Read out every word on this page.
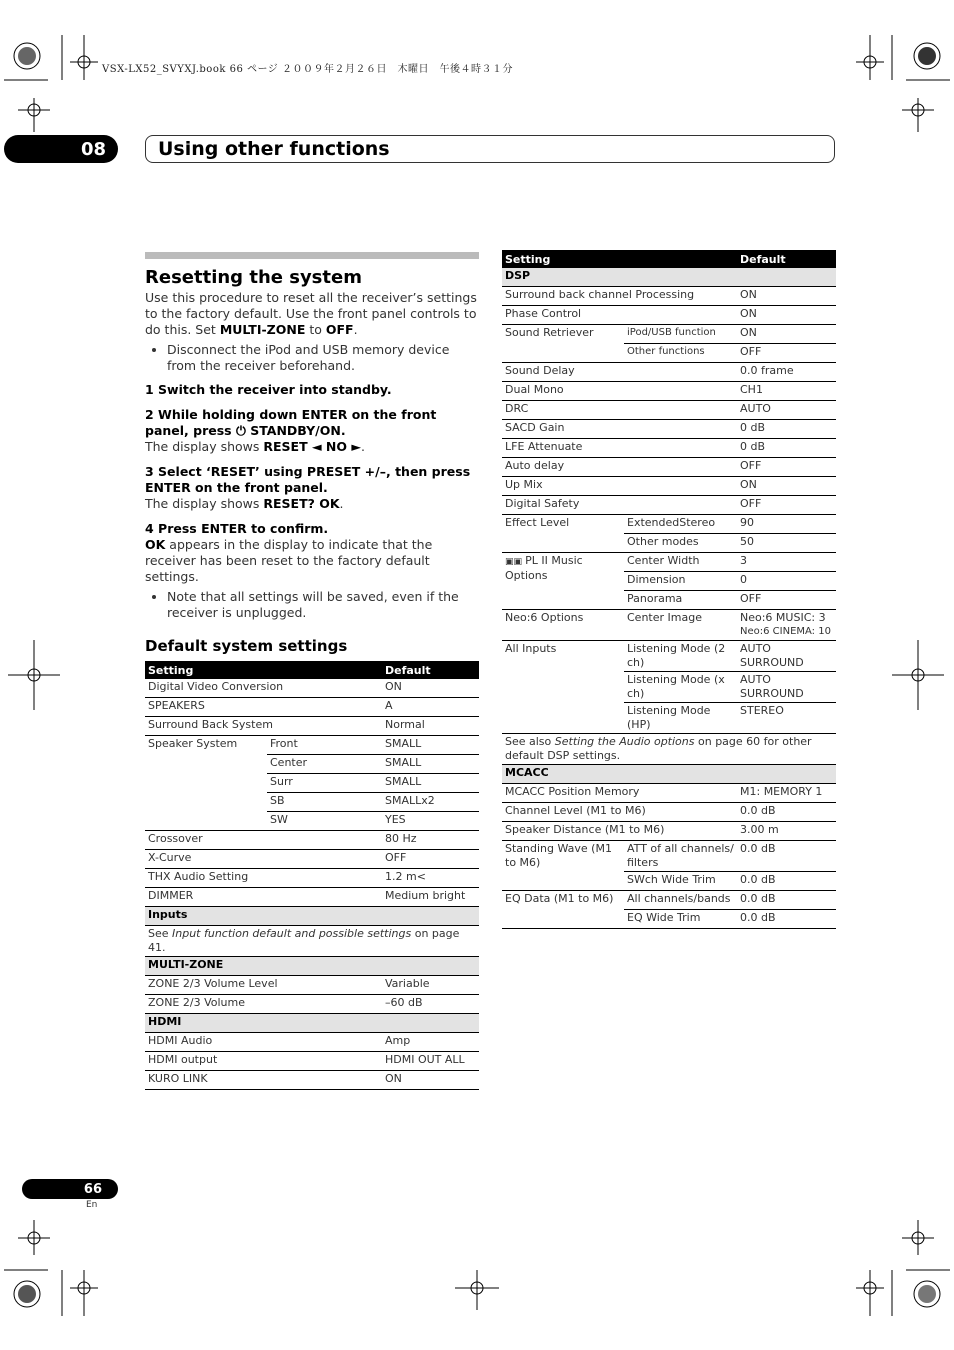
VSX-LX52_SVYXJ.book 66 ページ ２００９年２月２６日　木曜日　午後４時３１分
08	Using other functions
Resetting the system

Use this procedure to reset all the receiver’s settings to the factory default. Use the front panel controls to do this. Set MULTI-ZONE to OFF.

• Disconnect the iPod and USB memory device from the receiver beforehand.

1 Switch the receiver into standby.

2 While holding down ENTER on the front panel, press ⏻ STANDBY/ON.

The display shows RESET ◄ NO ►.

3 Select ‘RESET’ using PRESET +/–, then press ENTER on the front panel.

The display shows RESET? OK.

4 Press ENTER to confirm.

OK appears in the display to indicate that the receiver has been reset to the factory default settings.

• Note that all settings will be saved, even if the receiver is unplugged.
Default system settings
Setting		Default
Digital Video Conversion		ON
SPEAKERS		A
Surround Back System		Normal
Speaker System	Front	SMALL
	Center	SMALL
	Surr	SMALL
	SB	SMALLx2
	SW	YES
Crossover		80 Hz
X-Curve		OFF
THX Audio Setting		1.2 m<
DIMMER		Medium bright
Inputs		
See Input function default and possible settings on page 41.		
MULTI-ZONE		
ZONE 2/3 Volume Level		Variable
ZONE 2/3 Volume		–60 dB
HDMI		
HDMI Audio		Amp
HDMI output		HDMI OUT ALL
KURO LINK		ON
Setting		Default
DSP		
Surround back channel Processing		ON
Phase Control		ON
Sound Retriever	iPod/USB function	ON
	Other functions	OFF
Sound Delay		0.0 frame
Dual Mono		CH1
DRC		AUTO
SACD Gain		0 dB
LFE Attenuate		0 dB
Auto delay		OFF
Up Mix		ON
Digital Safety		OFF
Effect Level	ExtendedStereo	90
	Other modes	50
▣▣ PL II Music Options	Center Width	3
	Dimension	0
	Panorama	OFF
Neo:6 Options	Center Image	Neo:6 MUSIC: 3
Neo:6 CINEMA: 10

All Inputs	Listening Mode (2 ch)	AUTO SURROUND
	Listening Mode (x ch)	AUTO SURROUND
	Listening Mode (HP)	STEREO
See also Setting the Audio options on page 60 for other default DSP settings.		
MCACC		
MCACC Position Memory		M1: MEMORY 1
Channel Level (M1 to M6)		0.0 dB
Speaker Distance (M1 to M6)		3.00 m
Standing Wave (M1 to M6)	ATT of all channels/ filters	0.0 dB
	SWch Wide Trim	0.0 dB
EQ Data (M1 to M6)	All channels/bands	0.0 dB
	EQ Wide Trim	0.0 dB
66
En
